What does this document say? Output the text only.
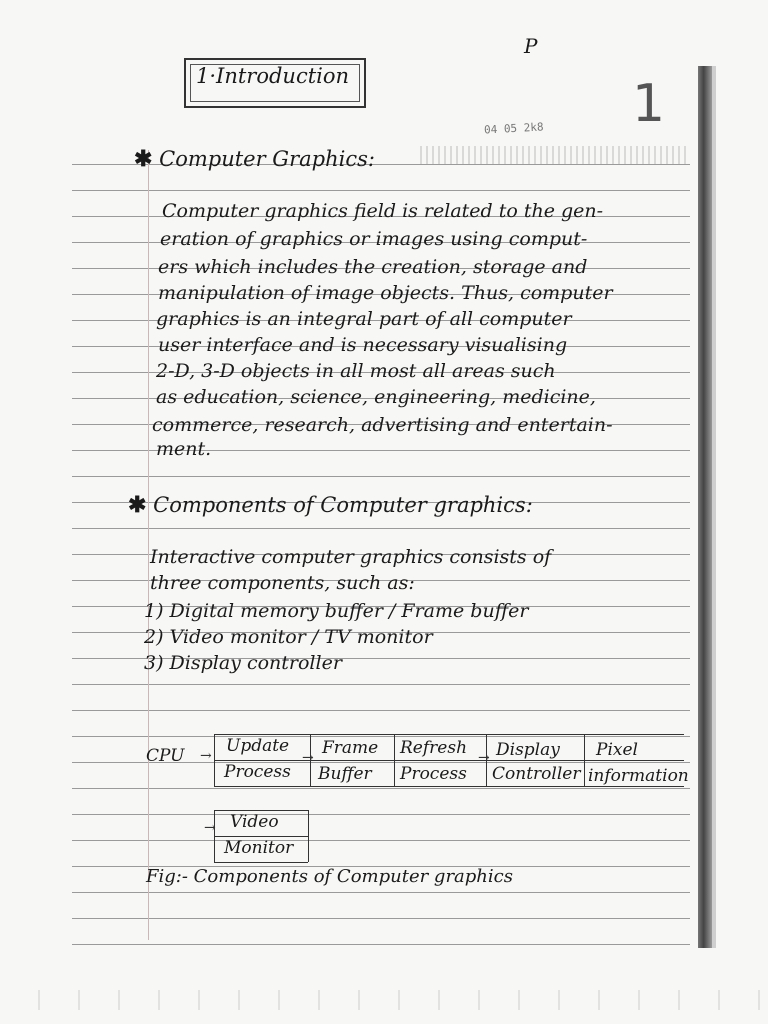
P
1·Introduction	1
04 05 2k8
✱ Computer Graphics:
Computer graphics field is related to the gen-
eration of graphics or images using comput-
ers which includes the creation, storage and
manipulation of image objects. Thus, computer
graphics is an integral part of all computer
user interface and is necessary visualising
2-D, 3-D objects in all most all areas such
as education, science, engineering, medicine,
commerce, research, advertising and entertain-
ment.
✱ Components of Computer graphics:
Interactive computer graphics consists of
three components, such as:
1) Digital memory buffer / Frame buffer
2) Video monitor / TV monitor
3) Display controller
CPU → Update
Process
Frame
Buffer
Refresh
Process
Display
Controller
Pixel
information
→	→
→ Video
Monitor
Fig:- Components of Computer graphics
